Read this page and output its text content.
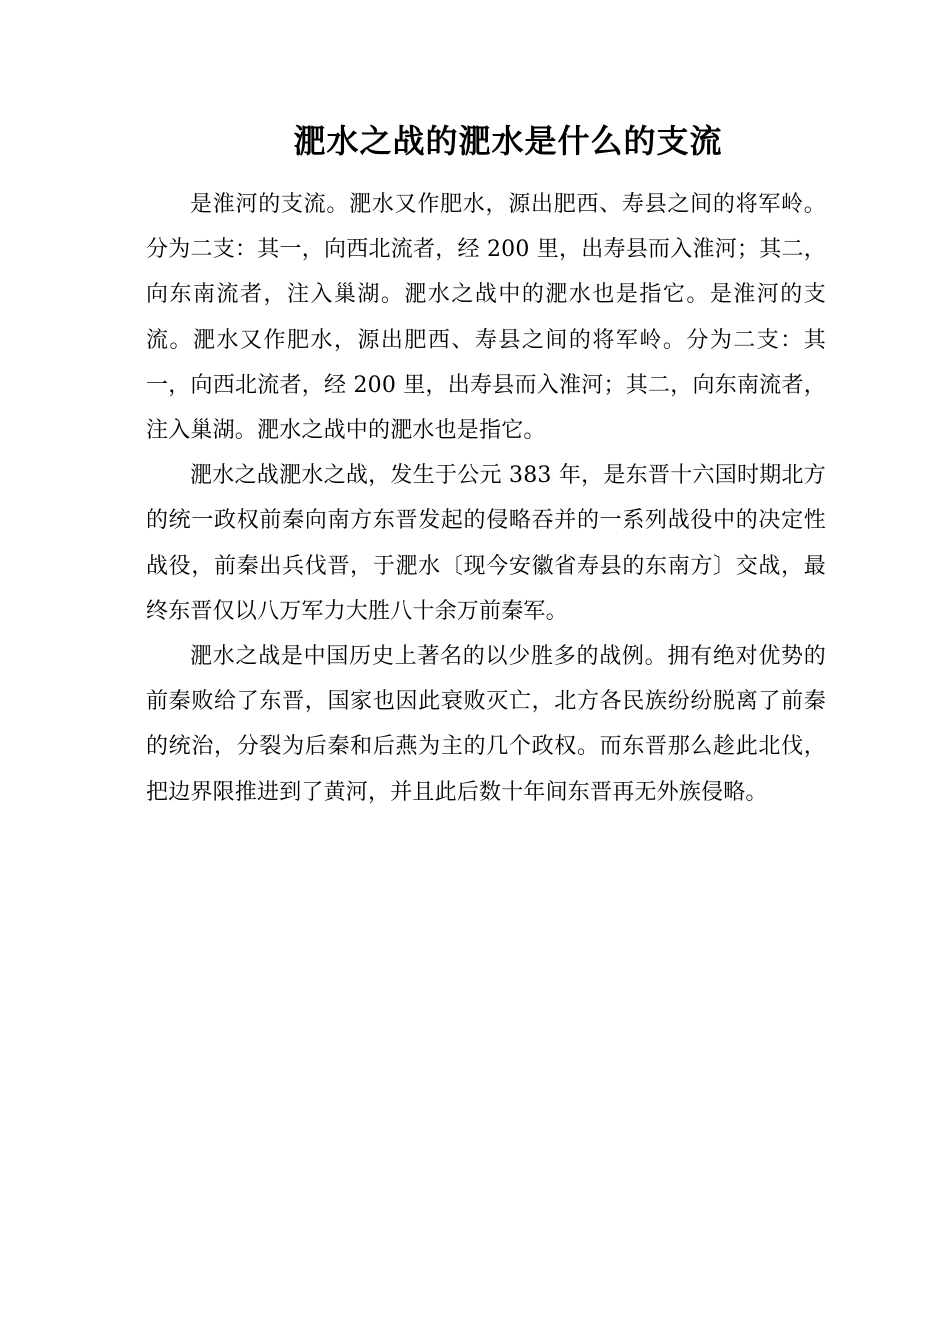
淝水之战的淝水是什么的支流

是淮河的支流。淝水又作肥水，源出肥西、寿县之间的将军岭。分为二支：其一，向西北流者，经 200 里，出寿县而入淮河；其二，向东南流者，注入巢湖。淝水之战中的淝水也是指它。是淮河的支流。淝水又作肥水，源出肥西、寿县之间的将军岭。分为二支：其一，向西北流者，经 200 里，出寿县而入淮河；其二，向东南流者，注入巢湖。淝水之战中的淝水也是指它。

淝水之战淝水之战，发生于公元 383 年，是东晋十六国时期北方的统一政权前秦向南方东晋发起的侵略吞并的一系列战役中的决定性战役，前秦出兵伐晋，于淝水〔现今安徽省寿县的东南方〕交战，最终东晋仅以八万军力大胜八十余万前秦军。

淝水之战是中国历史上著名的以少胜多的战例。拥有绝对优势的前秦败给了东晋，国家也因此衰败灭亡，北方各民族纷纷脱离了前秦的统治，分裂为后秦和后燕为主的几个政权。而东晋那么趁此北伐，把边界限推进到了黄河，并且此后数十年间东晋再无外族侵略。
